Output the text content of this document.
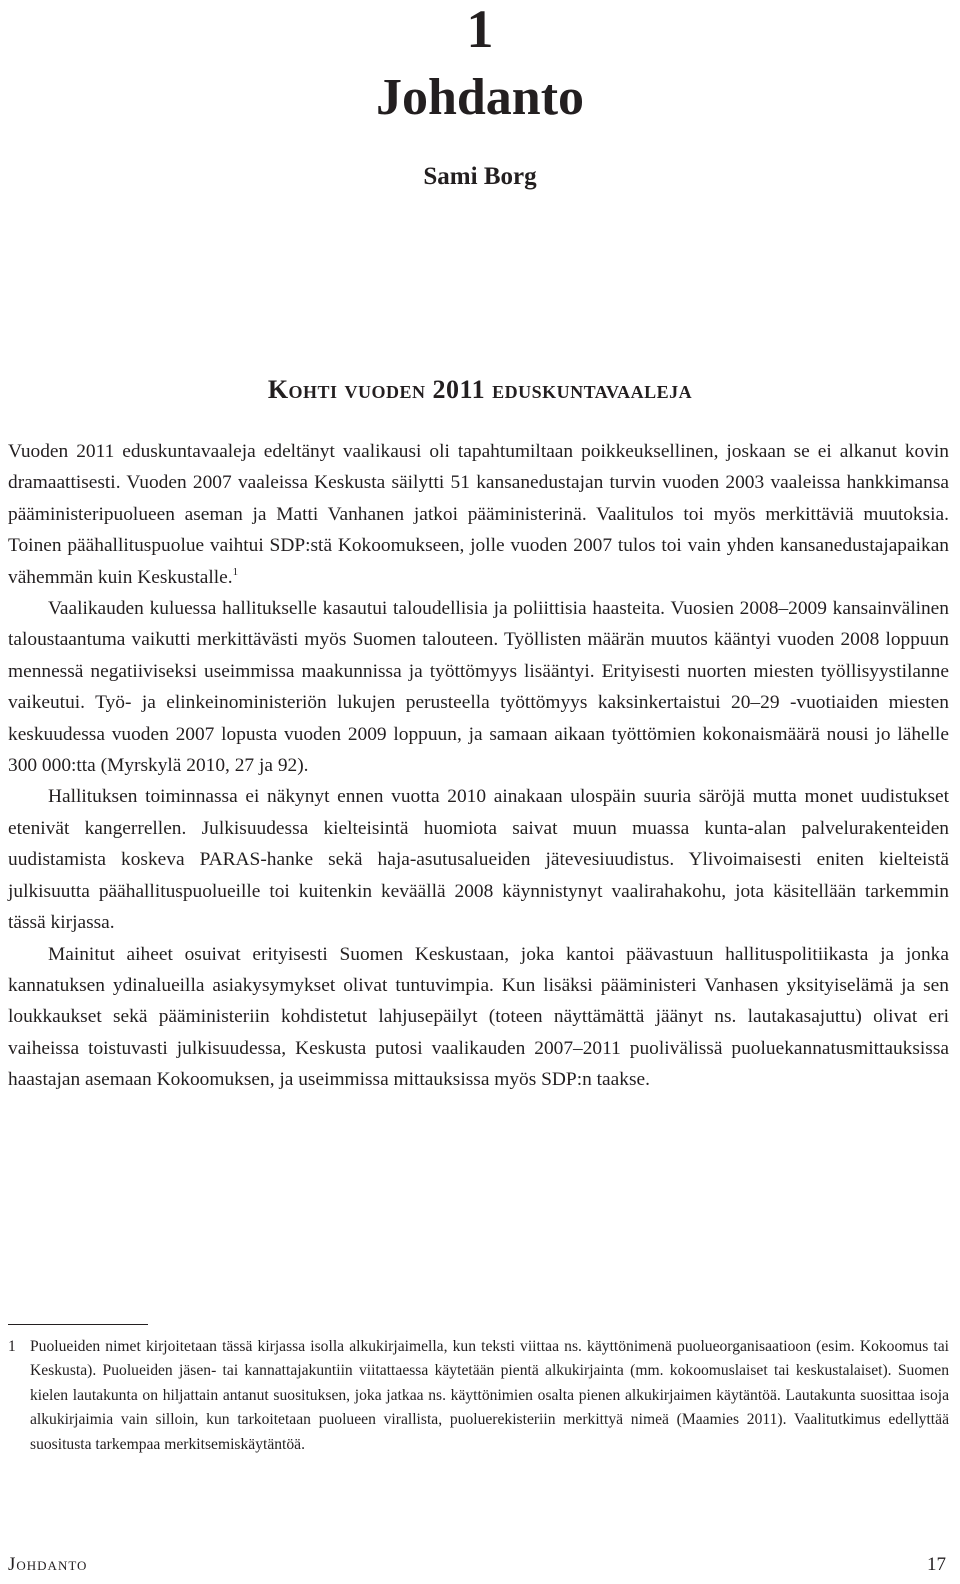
1
Johdanto
Sami Borg
Kohti vuoden 2011 eduskuntavaaleja

Vuoden 2011 eduskuntavaaleja edeltänyt vaalikausi oli tapahtumiltaan poikkeuksellinen, joskaan se ei alkanut kovin dramaattisesti. Vuoden 2007 vaaleissa Keskusta säilytti 51 kansanedustajan turvin vuoden 2003 vaaleissa hankkimansa pääministeripuolueen aseman ja Matti Vanhanen jatkoi pääministerinä. Vaalitulos toi myös merkittäviä muutoksia. Toinen päähallituspuolue vaihtui SDP:stä Kokoomukseen, jolle vuoden 2007 tulos toi vain yhden kansanedustajapaikan vähemmän kuin Keskustalle.$^1$

Vaalikauden kuluessa hallitukselle kasautui taloudellisia ja poliittisia haasteita. Vuosien 2008–2009 kansainvälinen taloustaantuma vaikutti merkittävästi myös Suomen talouteen. Työllisten määrän muutos kääntyi vuoden 2008 loppuun mennessä negatiiviseksi useimmissa maakunnissa ja työttömyys lisääntyi. Erityisesti nuorten miesten työllisyystilanne vaikeutui. Työ- ja elinkeinoministeriön lukujen perusteella työttömyys kaksinkertaistui 20–29 -vuotiaiden miesten keskuudessa vuoden 2007 lopusta vuoden 2009 loppuun, ja samaan aikaan työttömien kokonaismäärä nousi jo lähelle 300 000:tta (Myrskylä 2010, 27 ja 92).

Hallituksen toiminnassa ei näkynyt ennen vuotta 2010 ainakaan ulospäin suuria säröjä mutta monet uudistukset etenivät kangerrellen. Julkisuudessa kielteisintä huomiota saivat muun muassa kunta-alan palvelurakenteiden uudistamista koskeva PARAS-hanke sekä haja-asutusalueiden jätevesiuudistus. Ylivoimaisesti eniten kielteistä julkisuutta päähallituspuolueille toi kuitenkin keväällä 2008 käynnistynyt vaalirahakohu, jota käsitellään tarkemmin tässä kirjassa.

Mainitut aiheet osuivat erityisesti Suomen Keskustaan, joka kantoi päävastuun hallituspolitiikasta ja jonka kannatuksen ydinalueilla asiakysymykset olivat tuntuvimpia. Kun lisäksi pääministeri Vanhasen yksityiselämä ja sen loukkaukset sekä pääministeriin kohdistetut lahjusepäilyt (toteen näyttämättä jäänyt ns. lautakasajuttu) olivat eri vaiheissa toistuvasti julkisuudessa, Keskusta putosi vaalikauden 2007–2011 puolivälissä puoluekannatusmittauksissa haastajan asemaan Kokoomuksen, ja useimmissa mittauksissa myös SDP:n taakse.

1 Puolueiden nimet kirjoitetaan tässä kirjassa isolla alkukirjaimella, kun teksti viittaa ns. käyttönimenä puolueorganisaatioon (esim. Kokoomus tai Keskusta). Puolueiden jäsen- tai kannattajakuntiin viitattaessa käytetään pientä alkukirjainta (mm. kokoomuslaiset tai keskustalaiset). Suomen kielen lautakunta on hiljattain antanut suosituksen, joka jatkaa ns. käyttönimien osalta pienen alkukirjaimen käytäntöä. Lautakunta suosittaa isoja alkukirjaimia vain silloin, kun tarkoitetaan puolueen virallista, puoluerekisteriin merkittyä nimeä (Maamies 2011). Vaalitutkimus edellyttää suositusta tarkempaa merkitsemiskäytäntöä.
Johdanto	17
